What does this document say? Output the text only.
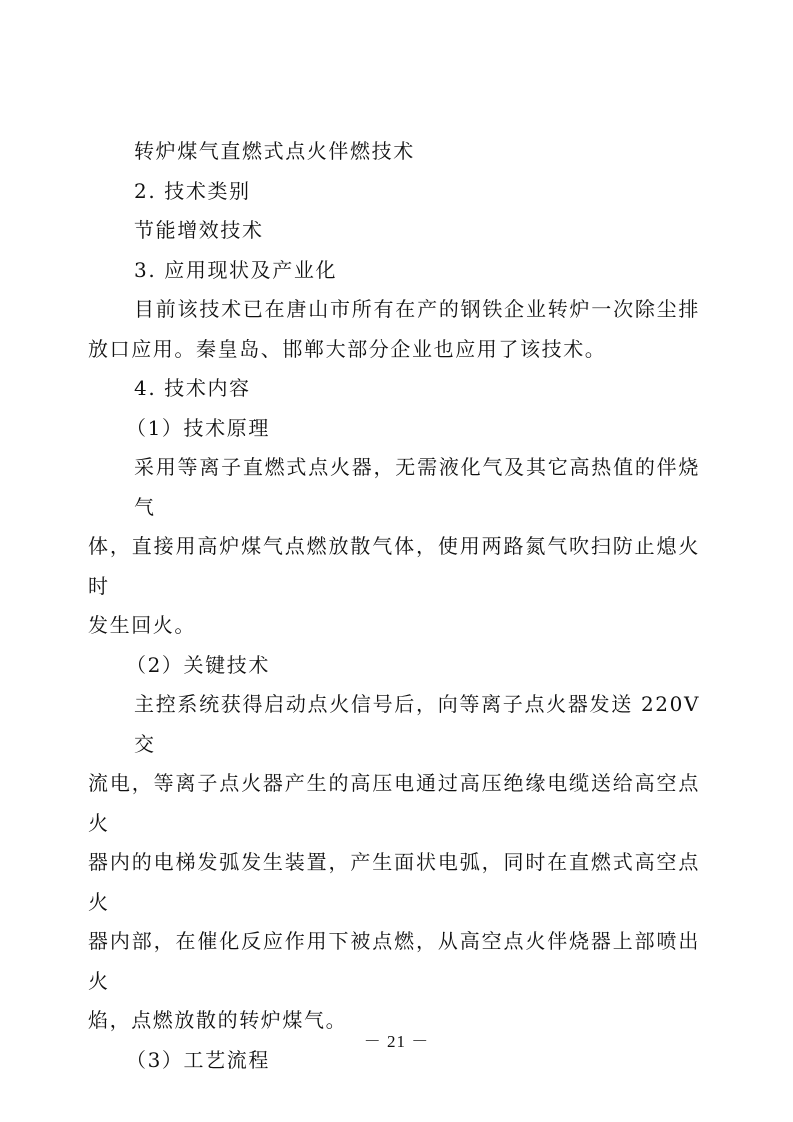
转炉煤气直燃式点火伴燃技术
2. 技术类别
节能增效技术
3. 应用现状及产业化
目前该技术已在唐山市所有在产的钢铁企业转炉一次除尘排
放口应用。秦皇岛、邯郸大部分企业也应用了该技术。
4. 技术内容
（1）技术原理
采用等离子直燃式点火器，无需液化气及其它高热值的伴烧气
体，直接用高炉煤气点燃放散气体，使用两路氮气吹扫防止熄火时
发生回火。
（2）关键技术
主控系统获得启动点火信号后，向等离子点火器发送 220V 交
流电，等离子点火器产生的高压电通过高压绝缘电缆送给高空点火
器内的电梯发弧发生装置，产生面状电弧，同时在直燃式高空点火
器内部，在催化反应作用下被点燃，从高空点火伴烧器上部喷出火
焰，点燃放散的转炉煤气。
（3）工艺流程
－ 21 －
